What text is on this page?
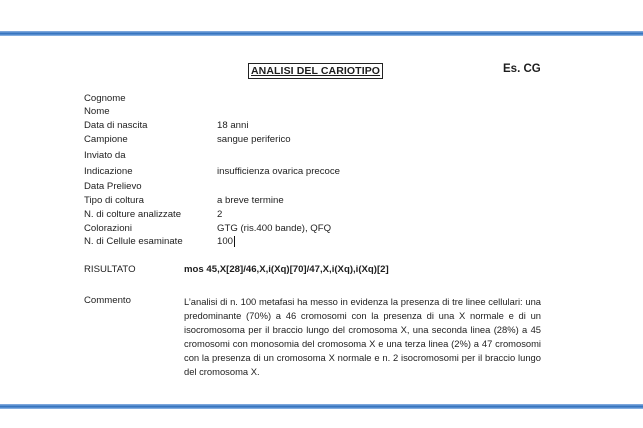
ANALISI DEL CARIOTIPO	Es. CG
Cognome
Nome
Data di nascita	18 anni
Campione	sangue periferico
Inviato da
Indicazione	insufficienza ovarica precoce
Data Prelievo
Tipo di coltura	a breve termine
N. di colture analizzate	2
Colorazioni	GTG (ris.400 bande), QFQ
N. di Cellule esaminate	100
RISULTATO	mos 45,X[28]/46,X,i(Xq)[70]/47,X,i(Xq),i(Xq)[2]
Commento	L’analisi di n. 100 metafasi ha messo in evidenza la presenza di tre linee cellulari: una predominante (70%) a 46 cromosomi con la presenza di una X normale e di un isocromosoma per il braccio lungo del cromosoma X, una seconda linea (28%) a 45 cromosomi con monosomia del cromosoma X e una terza linea (2%) a 47 cromosomi con la presenza di un cromosoma X normale e n. 2 isocromosomi per il braccio lungo del cromosoma X.
